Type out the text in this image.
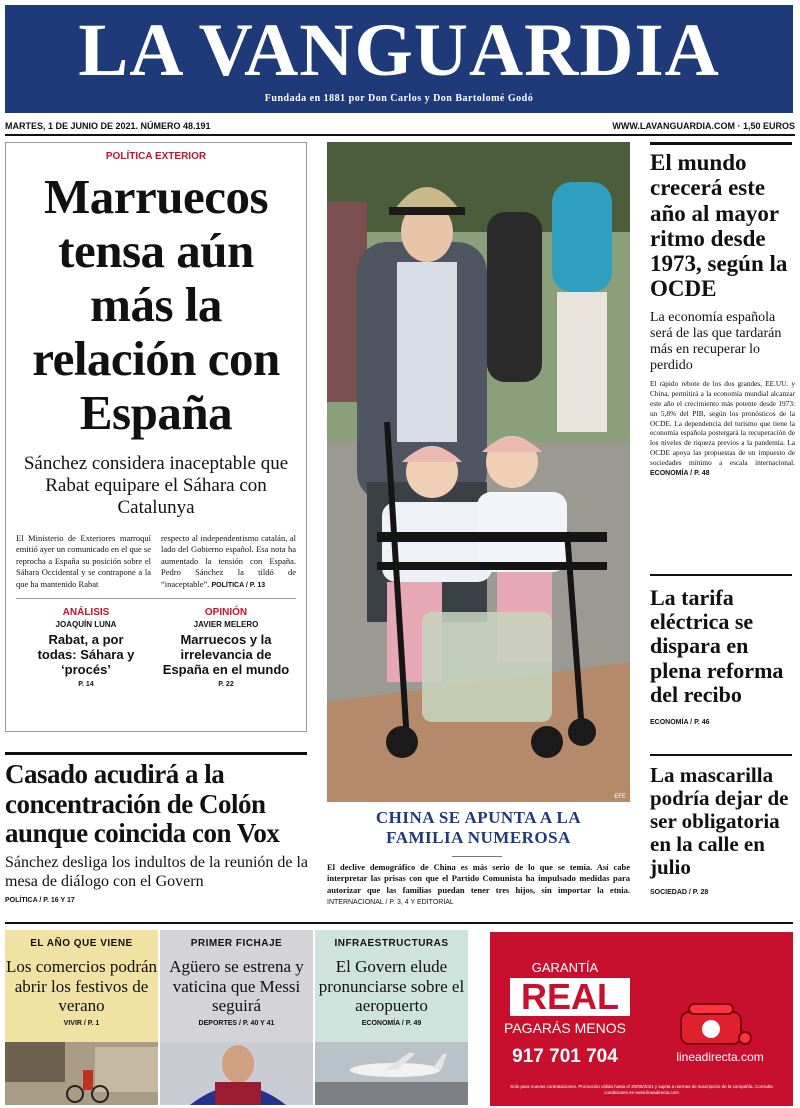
LA VANGUARDIA
Fundada en 1881 por Don Carlos y Don Bartolomé Godó
MARTES, 1 DE JUNIO DE 2021. NÚMERO 48.191	WWW.LAVANGUARDIA.COM · 1,50 EUROS
POLÍTICA EXTERIOR
Marruecos tensa aún más la relación con España
Sánchez considera inaceptable que Rabat equipare el Sáhara con Catalunya
El Ministerio de Exteriores marroquí emitió ayer un comunicado en el que se reprocha a España su posición sobre el Sáhara Occidental y se contrapone a la que ha mantenido Rabat
respecto al independentismo catalán, al lado del Gobierno español. Esa nota ha aumentado la tensión con España. Pedro Sánchez la tildó de “inaceptable”. POLÍTICA / P. 13
ANÁLISIS
JOAQUÍN LUNA
Rabat, a por todas: Sáhara y ‘procés’
P. 14
OPINIÓN
JAVIER MELERO
Marruecos y la irrelevancia de España en el mundo
P. 22
Casado acudirá a la concentración de Colón aunque coincida con Vox
Sánchez desliga los indultos de la reunión de la mesa de diálogo con el Govern
POLÍTICA / P. 16 Y 17
EFE
CHINA SE APUNTA A LA FAMILIA NUMEROSA
El declive demográfico de China es más serio de lo que se temía. Así cabe interpretar las prisas con que el Partido Comunista ha impulsado medidas para autorizar que las familias puedan tener tres hijos, sin importar la etnia. INTERNACIONAL / P. 3, 4 Y EDITORIAL
El mundo crecerá este año al mayor ritmo desde 1973, según la OCDE
La economía española será de las que tardarán más en recuperar lo perdido
El rápido rebote de los dos grandes, EE.UU. y China, permitirá a la economía mundial alcanzar este año el crecimiento más potente desde 1973: un 5,8% del PIB, según los pronósticos de la OCDE. La dependencia del turismo que tiene la economía española postergará la recuperación de los niveles de riqueza previos a la pandemia. La OCDE apoya las propuestas de un impuesto de sociedades mínimo a escala internacional. ECONOMÍA / P. 48
La tarifa eléctrica se dispara en plena reforma del recibo
ECONOMÍA / P. 46
La mascarilla podría dejar de ser obligatoria en la calle en julio
SOCIEDAD / P. 28
EL AÑO QUE VIENE
Los comercios podrán abrir los festivos de verano
VIVIR / P. 1
PRIMER FICHAJE
Agüero se estrena y vaticina que Messi seguirá
DEPORTES / P. 40 Y 41
INFRAESTRUCTURAS
El Govern elude pronunciarse sobre el aeropuerto
ECONOMÍA / P. 49
GARANTÍA
REAL
PAGARÁS MENOS
917 701 704	lineadirecta.com
Sólo para nuevas contrataciones. Promoción válida hasta el 30/06/2021 y sujeta a normas de suscripción de la compañía. Consulta condiciones en www.lineadirecta.com
